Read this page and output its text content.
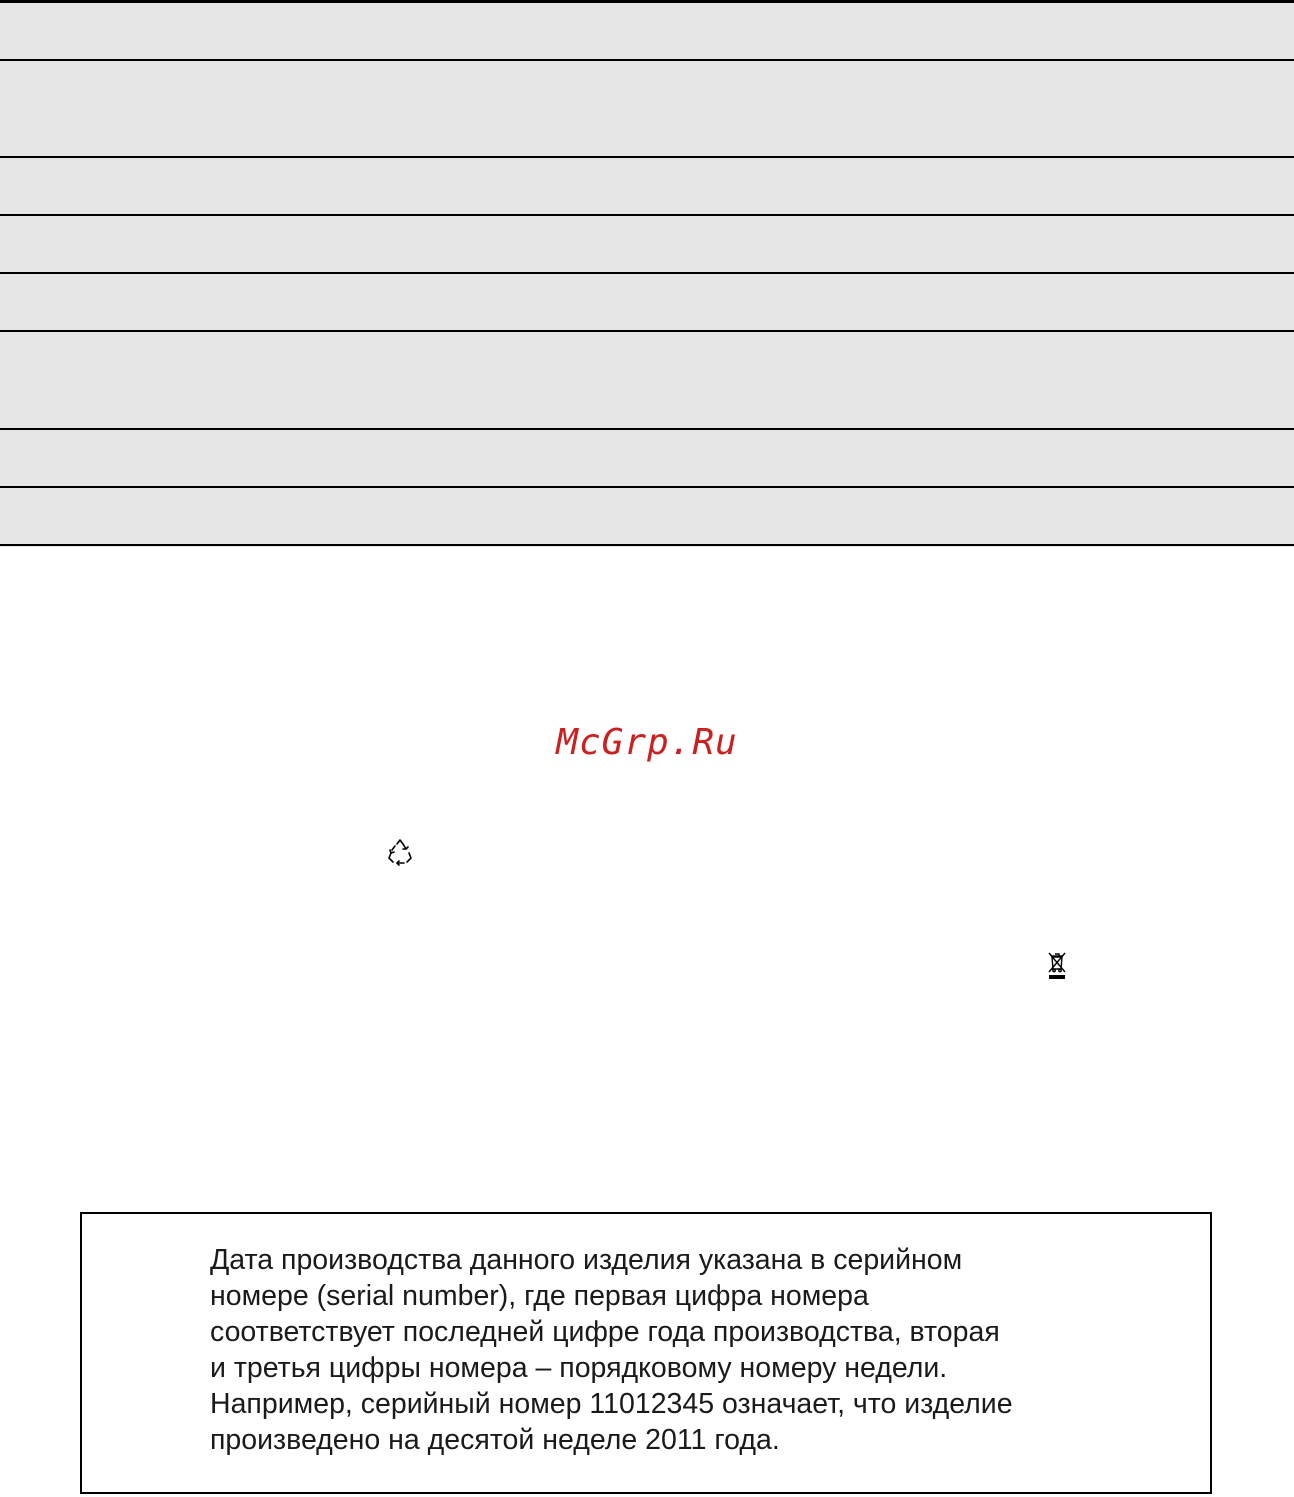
McGrp.Ru
Дата производства данного изделия указана в серийном
номере (serial number), где первая цифра номера
соответствует последней цифре года производства, вторая
и третья цифры номера – порядковому номеру недели.
Например, серийный номер 11012345 означает, что изделие
произведено на десятой неделе 2011 года.
